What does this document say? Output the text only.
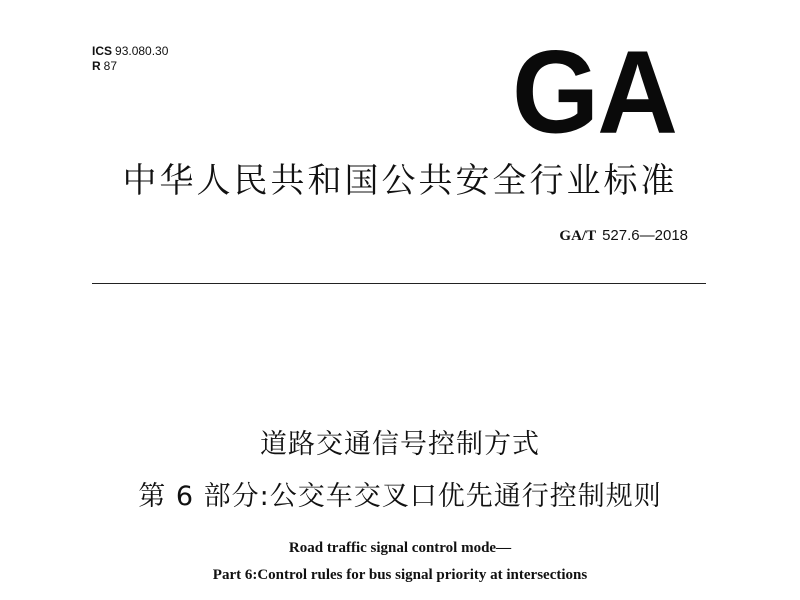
ICS 93.080.30
R 87	GA
中华人民共和国公共安全行业标准
GA/T 527.6—2018
道路交通信号控制方式
第 6 部分:公交车交叉口优先通行控制规则
Road traffic signal control mode—
Part 6:Control rules for bus signal priority at intersections
